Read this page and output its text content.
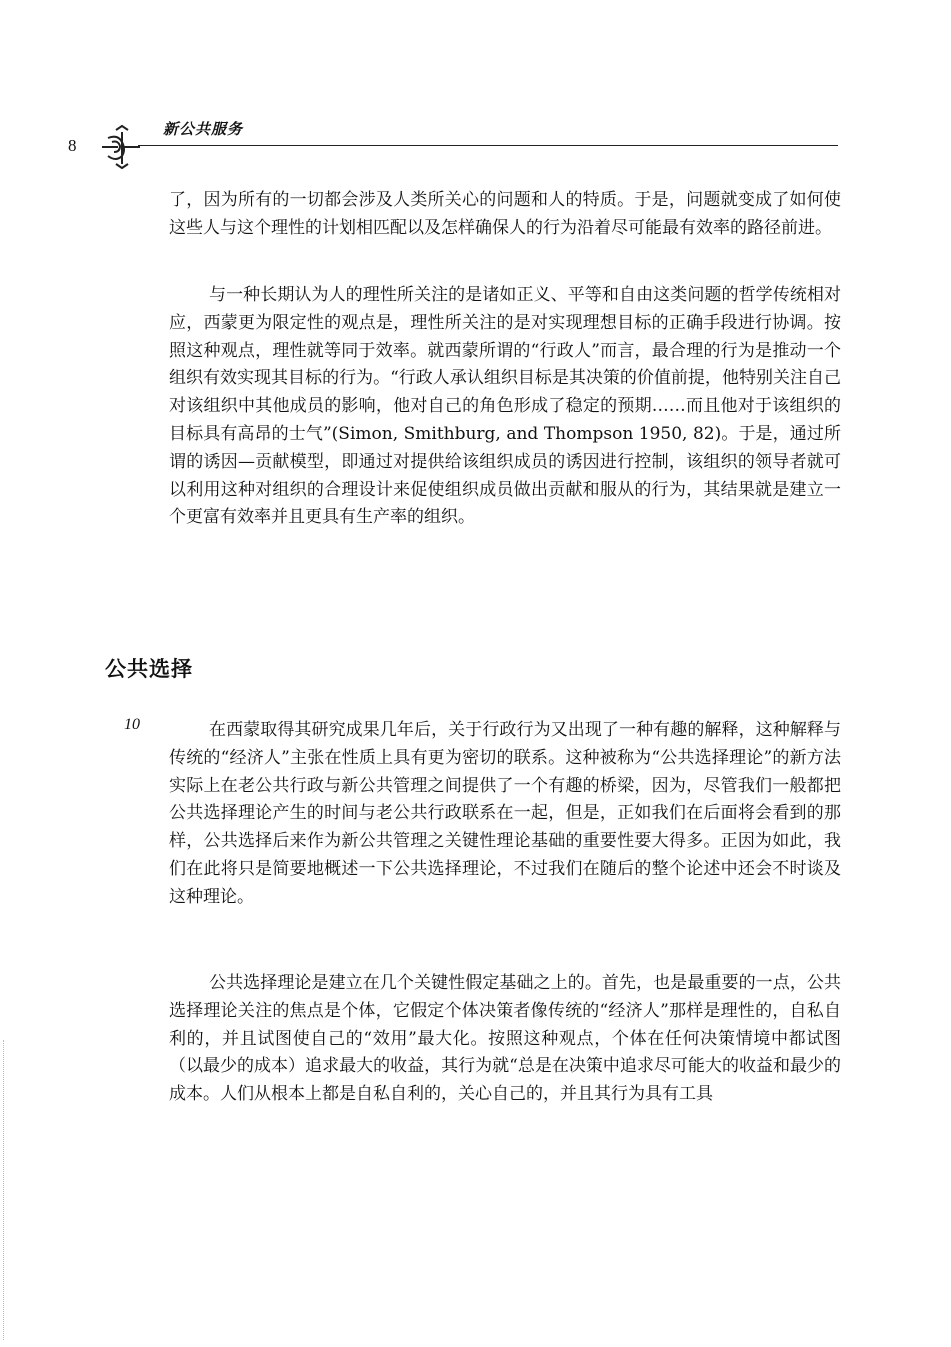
8
新公共服务

了，因为所有的一切都会涉及人类所关心的问题和人的特质。于是，问题就变成了如何使这些人与这个理性的计划相匹配以及怎样确保人的行为沿着尽可能最有效率的路径前进。

与一种长期认为人的理性所关注的是诸如正义、平等和自由这类问题的哲学传统相对应，西蒙更为限定性的观点是，理性所关注的是对实现理想目标的正确手段进行协调。按照这种观点，理性就等同于效率。就西蒙所谓的“行政人”而言，最合理的行为是推动一个组织有效实现其目标的行为。“行政人承认组织目标是其决策的价值前提，他特别关注自己对该组织中其他成员的影响，他对自己的角色形成了稳定的预期……而且他对于该组织的目标具有高昂的士气”(Simon, Smithburg, and Thompson 1950, 82)。于是，通过所谓的诱因—贡献模型，即通过对提供给该组织成员的诱因进行控制，该组织的领导者就可以利用这种对组织的合理设计来促使组织成员做出贡献和服从的行为，其结果就是建立一个更富有效率并且更具有生产率的组织。

公共选择
10	在西蒙取得其研究成果几年后，关于行政行为又出现了一种有趣的解释，这种解释与传统的“经济人”主张在性质上具有更为密切的联系。这种被称为“公共选择理论”的新方法实际上在老公共行政与新公共管理之间提供了一个有趣的桥梁，因为，尽管我们一般都把公共选择理论产生的时间与老公共行政联系在一起，但是，正如我们在后面将会看到的那样，公共选择后来作为新公共管理之关键性理论基础的重要性要大得多。正因为如此，我们在此将只是简要地概述一下公共选择理论，不过我们在随后的整个论述中还会不时谈及这种理论。

公共选择理论是建立在几个关键性假定基础之上的。首先，也是最重要的一点，公共选择理论关注的焦点是个体，它假定个体决策者像传统的“经济人”那样是理性的，自私自利的，并且试图使自己的“效用”最大化。按照这种观点，个体在任何决策情境中都试图（以最少的成本）追求最大的收益，其行为就“总是在决策中追求尽可能大的收益和最少的成本。人们从根本上都是自私自利的，关心自己的，并且其行为具有工具
